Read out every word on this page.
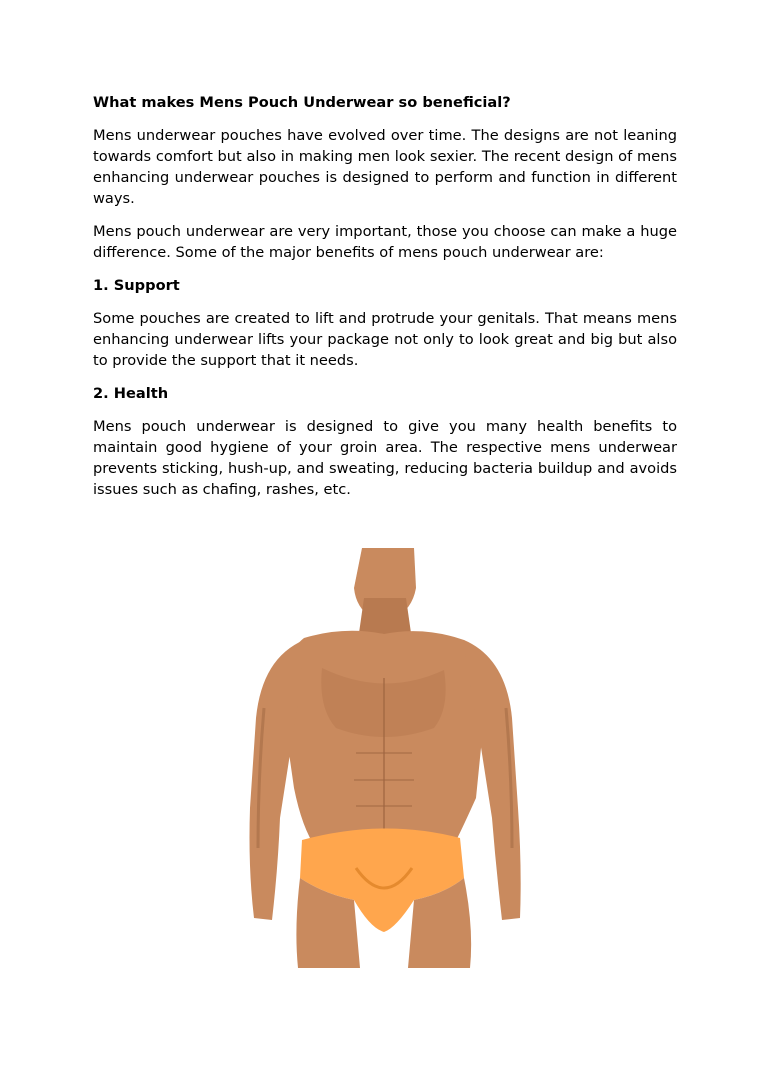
What makes Mens Pouch Underwear so beneficial?

Mens underwear pouches have evolved over time. The designs are not leaning towards comfort but also in making men look sexier. The recent design of mens enhancing underwear pouches is designed to perform and function in different ways.

Mens pouch underwear are very important, those you choose can make a huge difference. Some of the major benefits of mens pouch underwear are:

1. Support

Some pouches are created to lift and protrude your genitals. That means mens enhancing underwear lifts your package not only to look great and big but also to provide the support that it needs.

2. Health

Mens pouch underwear is designed to give you many health benefits to maintain good hygiene of your groin area. The respective mens underwear prevents sticking, hush-up, and sweating, reducing bacteria buildup and avoids issues such as chafing, rashes, etc.
